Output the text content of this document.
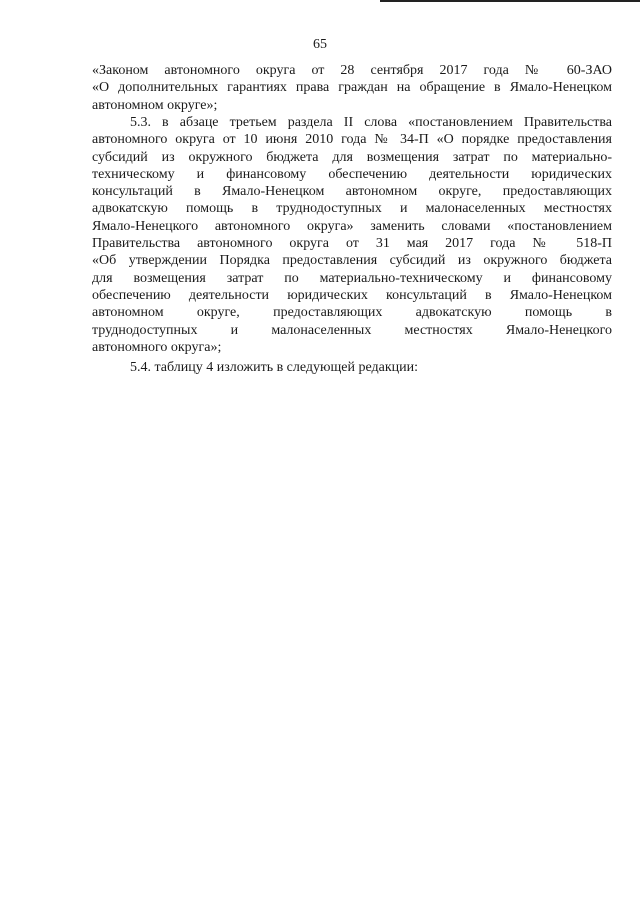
65
«Законом автономного округа от 28 сентября 2017 года № 60-ЗАО
«О дополнительных гарантиях права граждан на обращение в Ямало-Ненецком
автономном округе»;
5.3. в абзаце третьем раздела II слова «постановлением Правительства
автономного округа от 10 июня 2010 года № 34-П «О порядке предоставления
субсидий из окружного бюджета для возмещения затрат по материально-
техническому и финансовому обеспечению деятельности юридических
консультаций в Ямало-Ненецком автономном округе, предоставляющих
адвокатскую помощь в труднодоступных и малонаселенных местностях
Ямало-Ненецкого автономного округа» заменить словами «постановлением
Правительства автономного округа от 31 мая 2017 года № 518-П
«Об утверждении Порядка предоставления субсидий из окружного бюджета
для возмещения затрат по материально-техническому и финансовому
обеспечению деятельности юридических консультаций в Ямало-Ненецком
автономном округе, предоставляющих адвокатскую помощь в
труднодоступных и малонаселенных местностях Ямало-Ненецкого
автономного округа»;
5.4. таблицу 4 изложить в следующей редакции:
